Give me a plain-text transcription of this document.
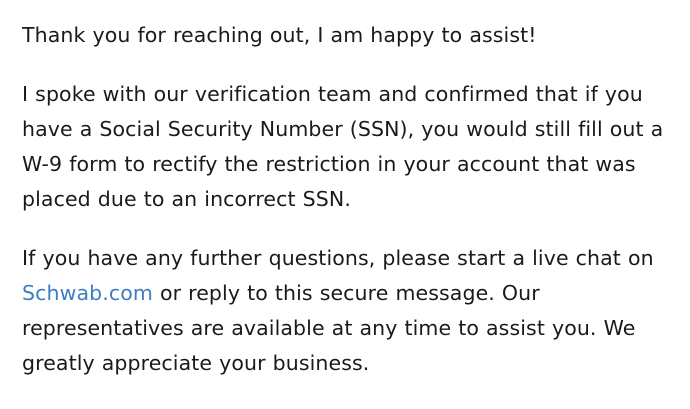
Thank you for reaching out, I am happy to assist!

I spoke with our verification team and confirmed that if you have a Social Security Number (SSN), you would still fill out a W-9 form to rectify the restriction in your account that was placed due to an incorrect SSN.

If you have any further questions, please start a live chat on Schwab.com or reply to this secure message. Our representatives are available at any time to assist you. We greatly appreciate your business.
